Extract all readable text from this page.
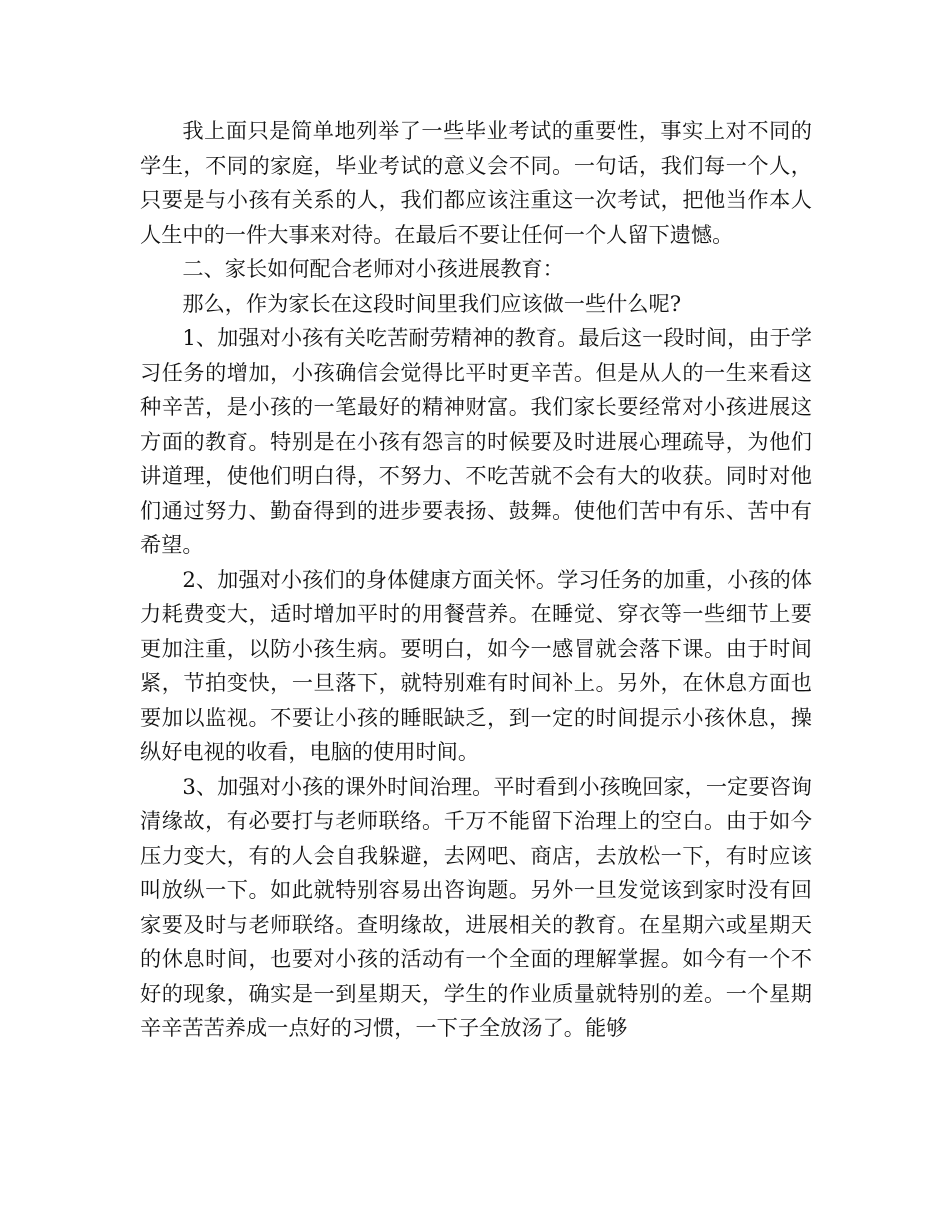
我上面只是简单地列举了一些毕业考试的重要性，事实上对不同的学生，不同的家庭，毕业考试的意义会不同。一句话，我们每一个人，只要是与小孩有关系的人，我们都应该注重这一次考试，把他当作本人人生中的一件大事来对待。在最后不要让任何一个人留下遗憾。

二、家长如何配合老师对小孩进展教育：

那么，作为家长在这段时间里我们应该做一些什么呢?

1、加强对小孩有关吃苦耐劳精神的教育。最后这一段时间，由于学习任务的增加，小孩确信会觉得比平时更辛苦。但是从人的一生来看这种辛苦，是小孩的一笔最好的精神财富。我们家长要经常对小孩进展这方面的教育。特别是在小孩有怨言的时候要及时进展心理疏导，为他们讲道理，使他们明白得，不努力、不吃苦就不会有大的收获。同时对他们通过努力、勤奋得到的进步要表扬、鼓舞。使他们苦中有乐、苦中有希望。

2、加强对小孩们的身体健康方面关怀。学习任务的加重，小孩的体力耗费变大，适时增加平时的用餐营养。在睡觉、穿衣等一些细节上要更加注重，以防小孩生病。要明白，如今一感冒就会落下课。由于时间紧，节拍变快，一旦落下，就特别难有时间补上。另外，在休息方面也要加以监视。不要让小孩的睡眠缺乏，到一定的时间提示小孩休息，操纵好电视的收看，电脑的使用时间。

3、加强对小孩的课外时间治理。平时看到小孩晚回家，一定要咨询清缘故，有必要打与老师联络。千万不能留下治理上的空白。由于如今压力变大，有的人会自我躲避，去网吧、商店，去放松一下，有时应该叫放纵一下。如此就特别容易出咨询题。另外一旦发觉该到家时没有回家要及时与老师联络。查明缘故，进展相关的教育。在星期六或星期天的休息时间，也要对小孩的活动有一个全面的理解掌握。如今有一个不好的现象，确实是一到星期天，学生的作业质量就特别的差。一个星期辛辛苦苦养成一点好的习惯，一下子全放汤了。能够
